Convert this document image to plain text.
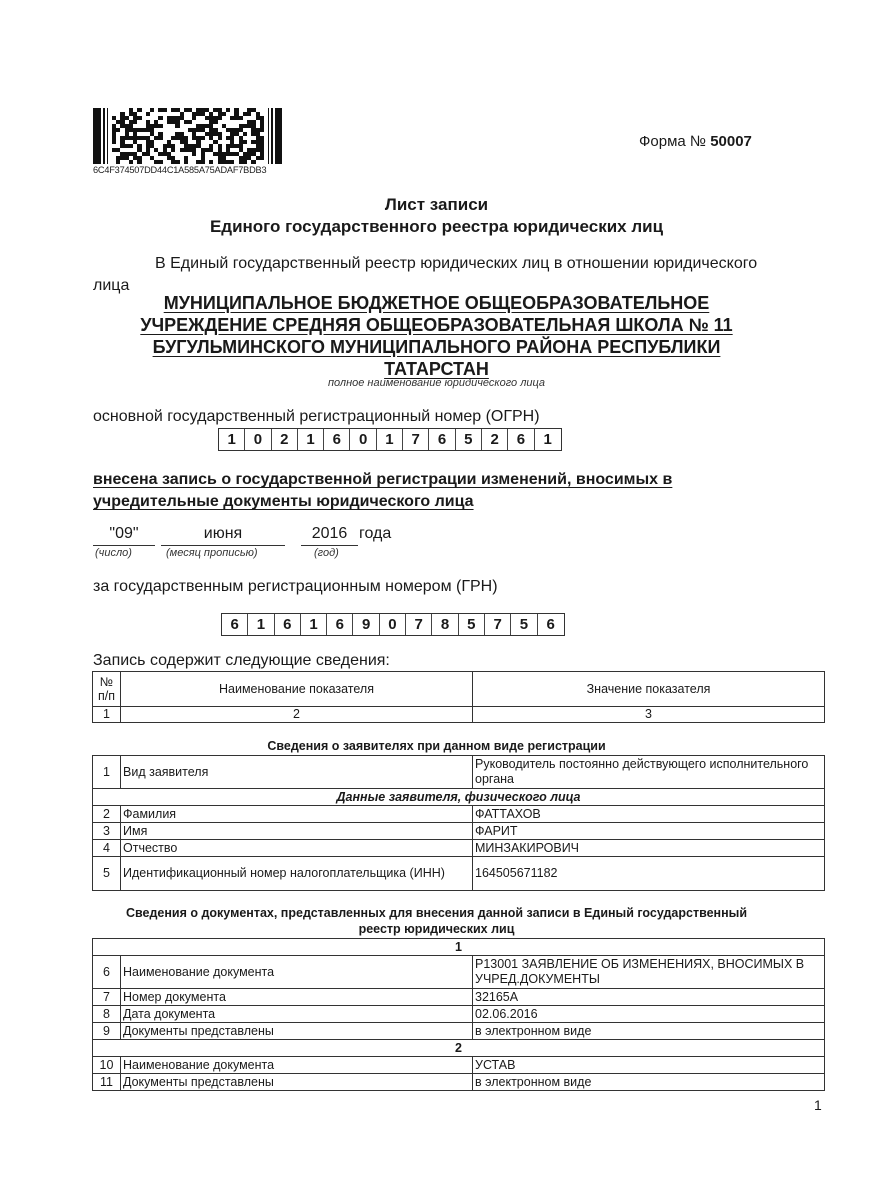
6C4F374507DD44C1A585A75ADAF7BDB3
Форма № 50007
Лист записи
Единого государственного реестра юридических лиц
В Единый государственный реестр юридических лиц в отношении юридического
лица
МУНИЦИПАЛЬНОЕ БЮДЖЕТНОЕ ОБЩЕОБРАЗОВАТЕЛЬНОЕ
УЧРЕЖДЕНИЕ СРЕДНЯЯ ОБЩЕОБРАЗОВАТЕЛЬНАЯ ШКОЛА № 11
БУГУЛЬМИНСКОГО МУНИЦИПАЛЬНОГО РАЙОНА РЕСПУБЛИКИ
ТАТАРСТАН
полное наименование юридического лица
основной государственный регистрационный номер (ОГРН)
1	0	2	1	6	0	1	7	6	5	2	6	1
внесена запись о государственной регистрации изменений, вносимых в
учредительные документы юридического лица
"09"
(число)
июня
(месяц прописью)
2016
(год)
года
за государственным регистрационным номером (ГРН)
6	1	6	1	6	9	0	7	8	5	7	5	6
Запись содержит следующие сведения:
№ п/п	Наименование показателя	Значение показателя
1	2	3
Сведения о заявителях при данном виде регистрации
1	Вид заявителя	Руководитель постоянно действующего исполнительного органа
Данные заявителя, физического лица		
2	Фамилия	ФАТТАХОВ
3	Имя	ФАРИТ
4	Отчество	МИНЗАКИРОВИЧ
5	Идентификационный номер налогоплательщика (ИНН)	164505671182
Сведения о документах, представленных для внесения данной записи в Единый государственный
реестр юридических лиц
1		
6	Наименование документа	Р13001 ЗАЯВЛЕНИЕ ОБ ИЗМЕНЕНИЯХ, ВНОСИМЫХ В УЧРЕД.ДОКУМЕНТЫ
7	Номер документа	32165А
8	Дата документа	02.06.2016
9	Документы представлены	в электронном виде
2		
10	Наименование документа	УСТАВ
11	Документы представлены	в электронном виде
1
